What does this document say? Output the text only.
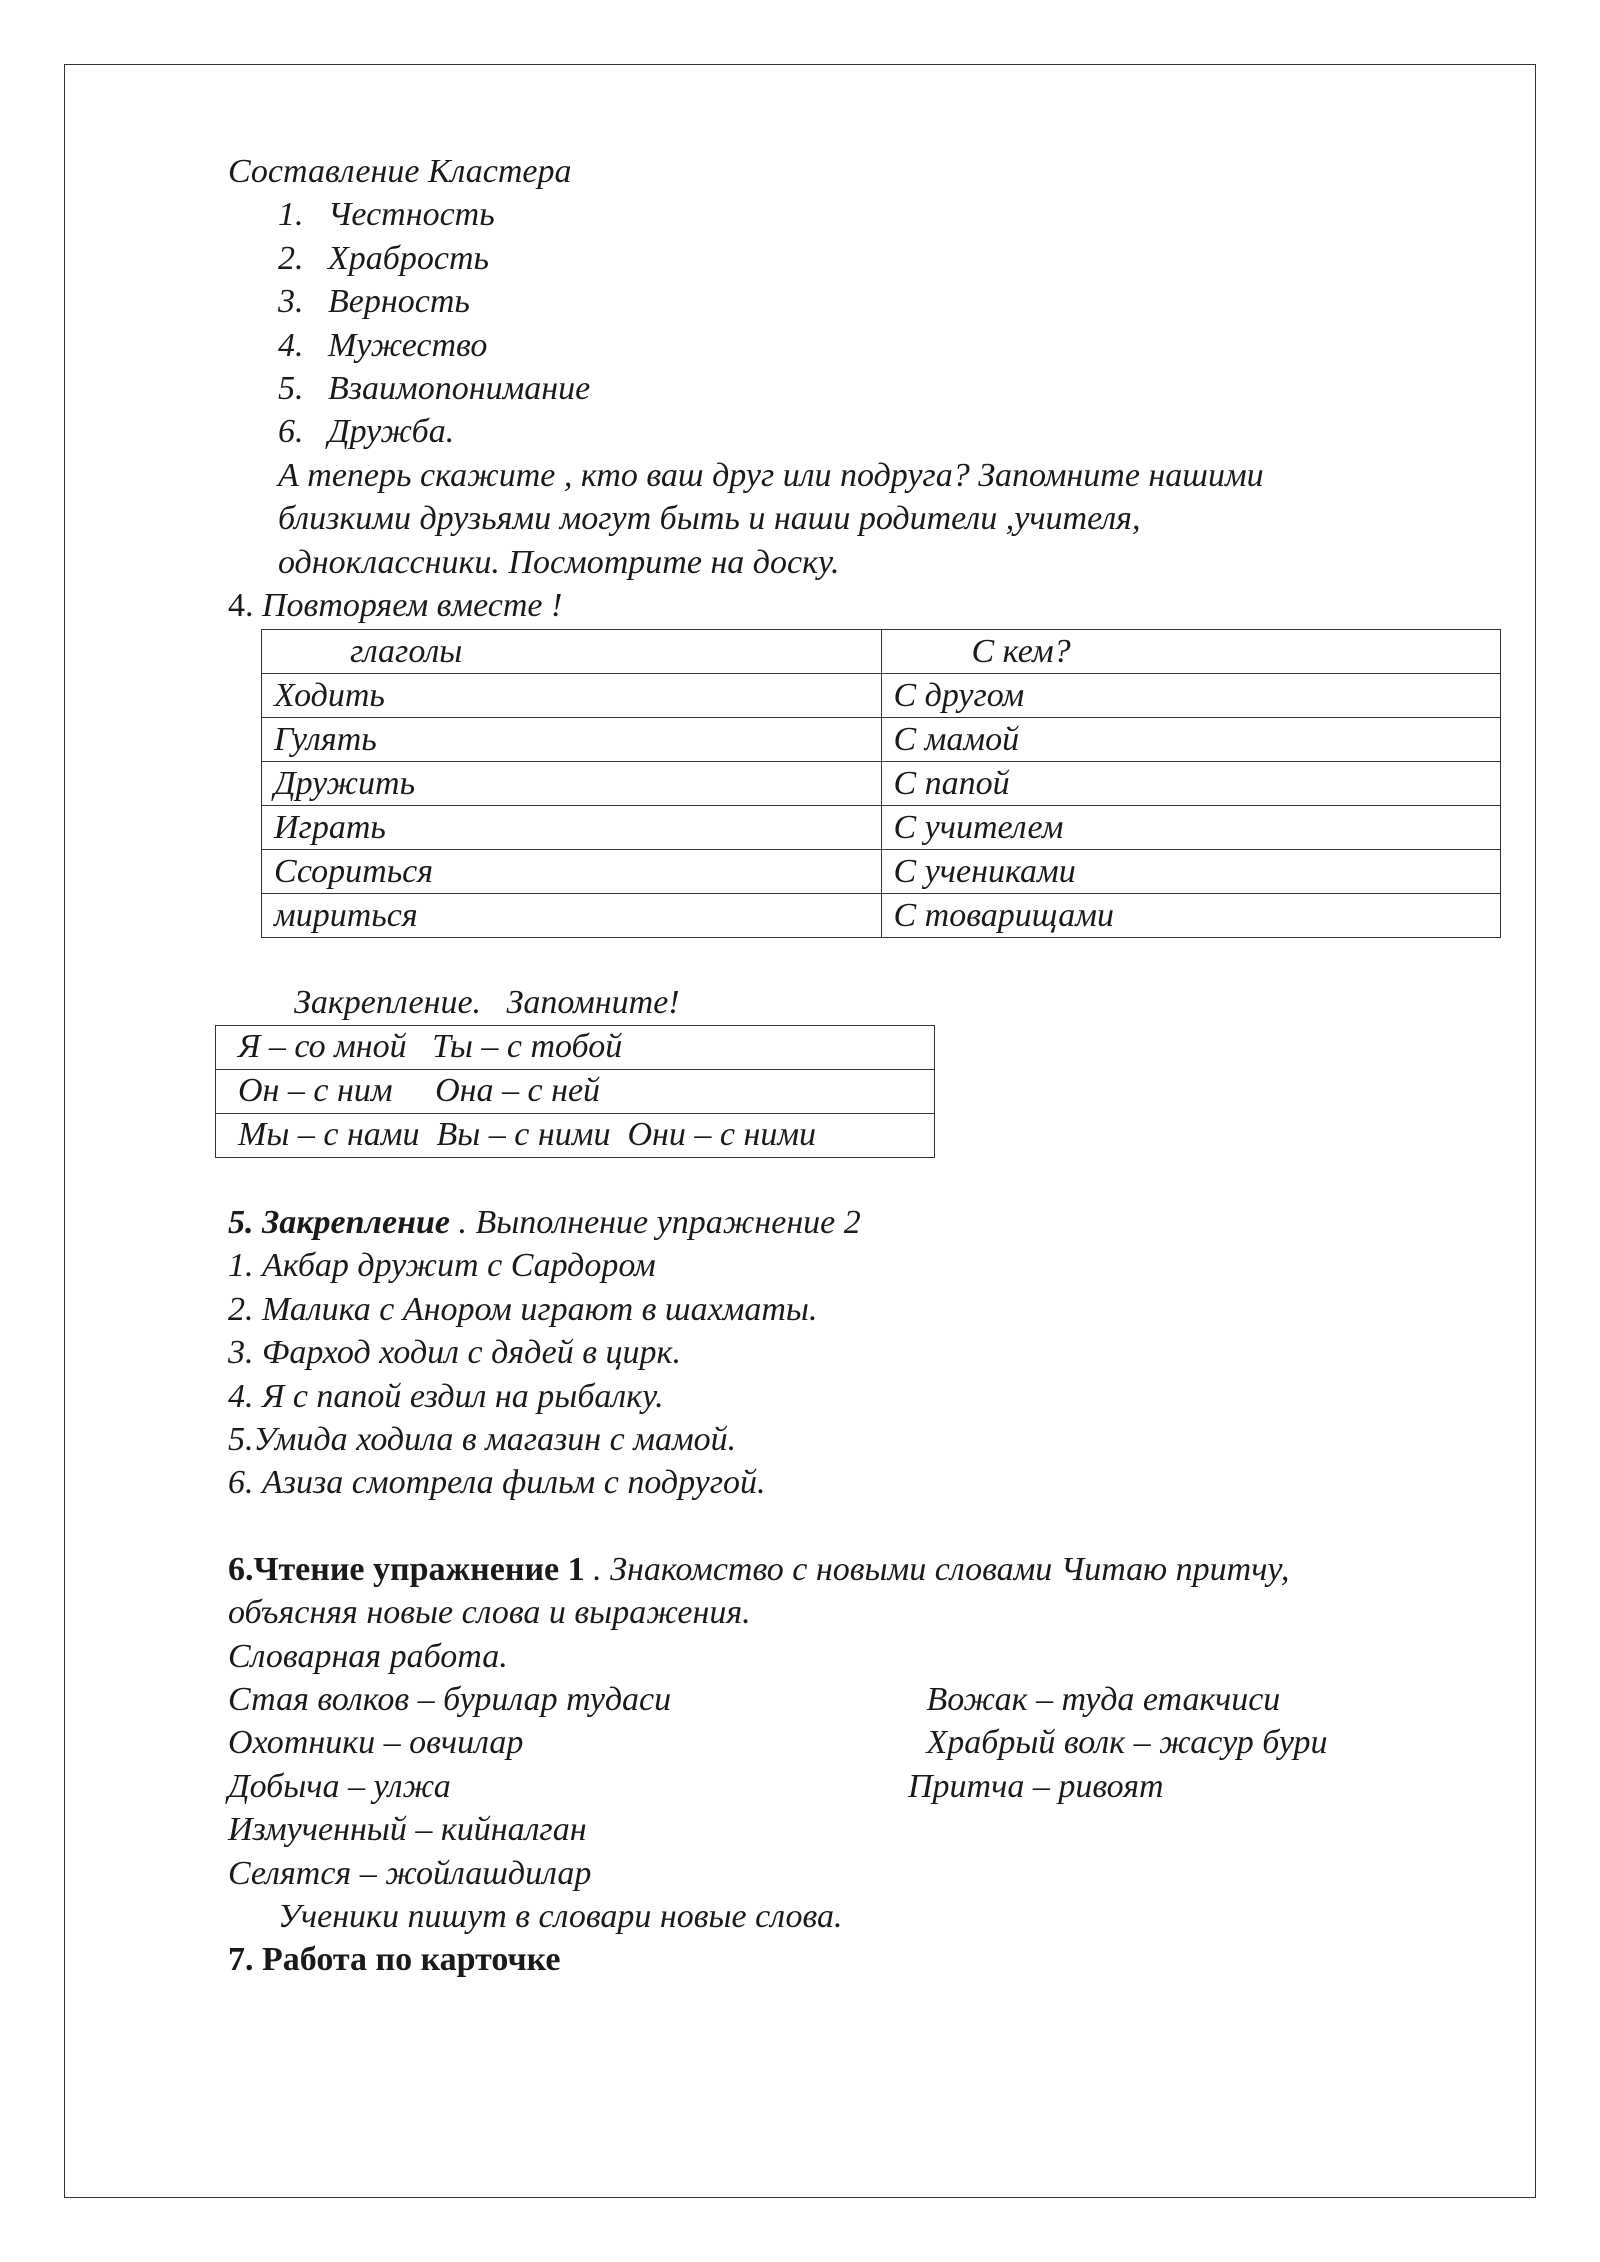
Составление Кластера

1. Честность
2. Храбрость
3. Верность
4. Мужество
5. Взаимопонимание
6. Дружба.

А теперь скажите , кто ваш друг или подруга? Запомните нашими

близкими друзьями могут быть и наши родители ,учителя,

одноклассники. Посмотрите на доску.

4. Повторяем вместе !

глаголы	С кем?
Ходить	С другом
Гулять	С мамой
Дружить	С папой
Играть	С учителем
Ссориться	С учениками
мириться	С товарищами

Закрепление.   Запомните!

Я – со мной   Ты – с тобой
Он – с ним     Она – с ней
Мы – с нами  Вы – с ними  Они – с ними

5. Закрепление . Выполнение упражнение 2

1. Акбар дружит с Сардором

2. Малика с Анором играют в шахматы.

3. Фарход ходил с дядей в цирк.

4. Я с папой ездил на рыбалку.

5.Умида ходила в магазин с мамой.

6. Азиза смотрела фильм с подругой.

6.Чтение упражнение 1 . Знакомство с новыми словами Читаю притчу,

объясняя новые слова и выражения.

Словарная работа.

Стая волков – бурилар тудаси	Вожак – туда етакчиси
Охотники – овчилар	Храбрый волк – жасур бури
Добыча – улжа	Притча – ривоят
Измученный – кийналган
Селятся – жойлашдилар

Ученики пишут в словари новые слова.

7. Работа по карточке
